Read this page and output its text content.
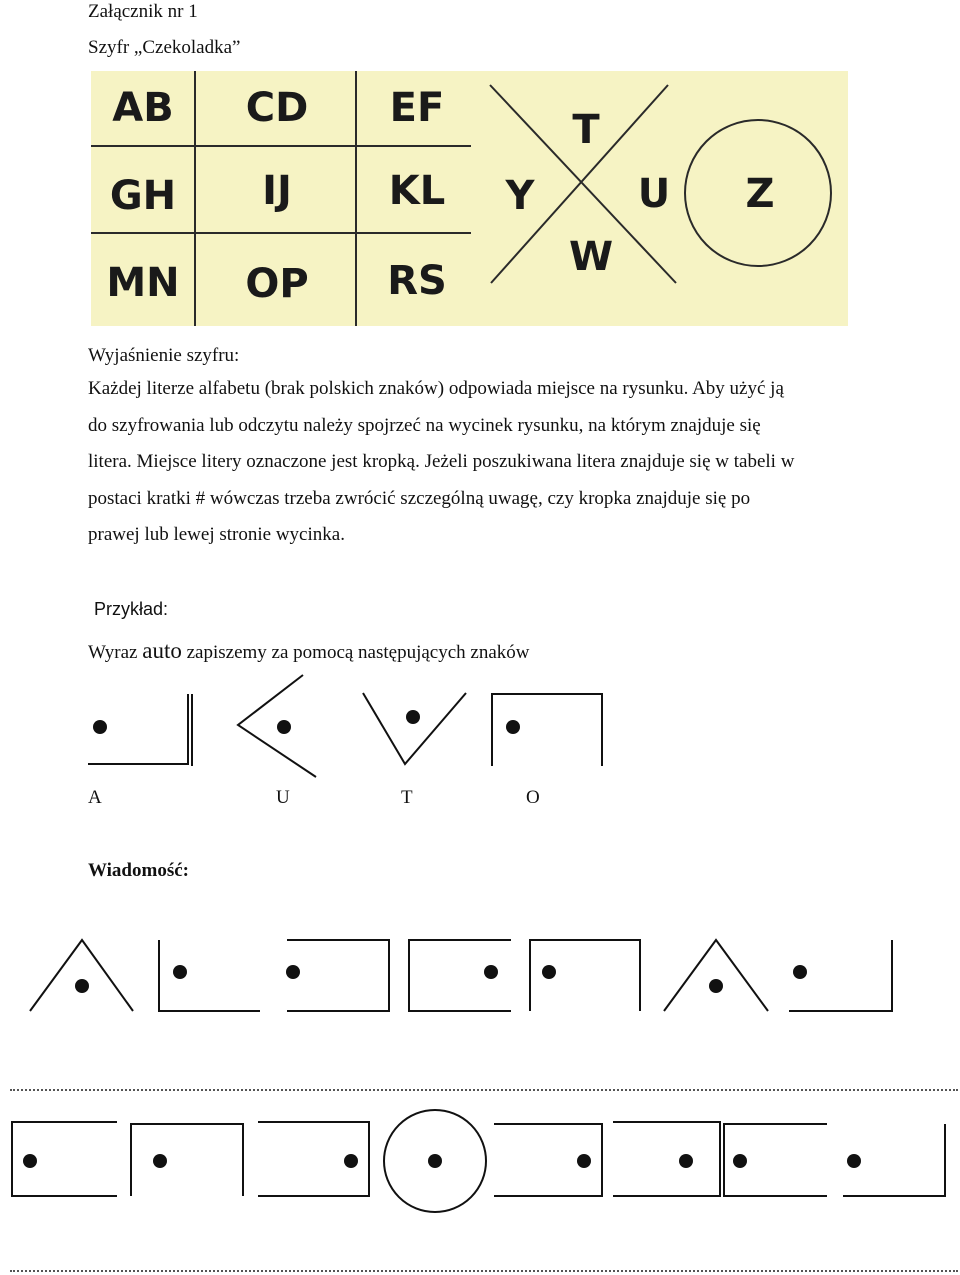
Załącznik nr 1
Szyfr „Czekoladka”
AB CD EF
GH IJ KL
MN OP RS
T
Y	U
W
Z
Wyjaśnienie szyfru:
Każdej literze alfabetu (brak polskich znaków) odpowiada miejsce na rysunku. Aby użyć ją
do szyfrowania lub odczytu należy spojrzeć na wycinek rysunku, na którym znajduje się
litera. Miejsce litery oznaczone jest kropką. Jeżeli poszukiwana litera znajduje się w tabeli w
postaci kratki # wówczas trzeba zwrócić szczególną uwagę, czy kropka znajduje się po
prawej lub lewej stronie wycinka.
Przykład:
Wyraz auto zapiszemy za pomocą następujących znaków
A	U	T	O
Wiadomość:
